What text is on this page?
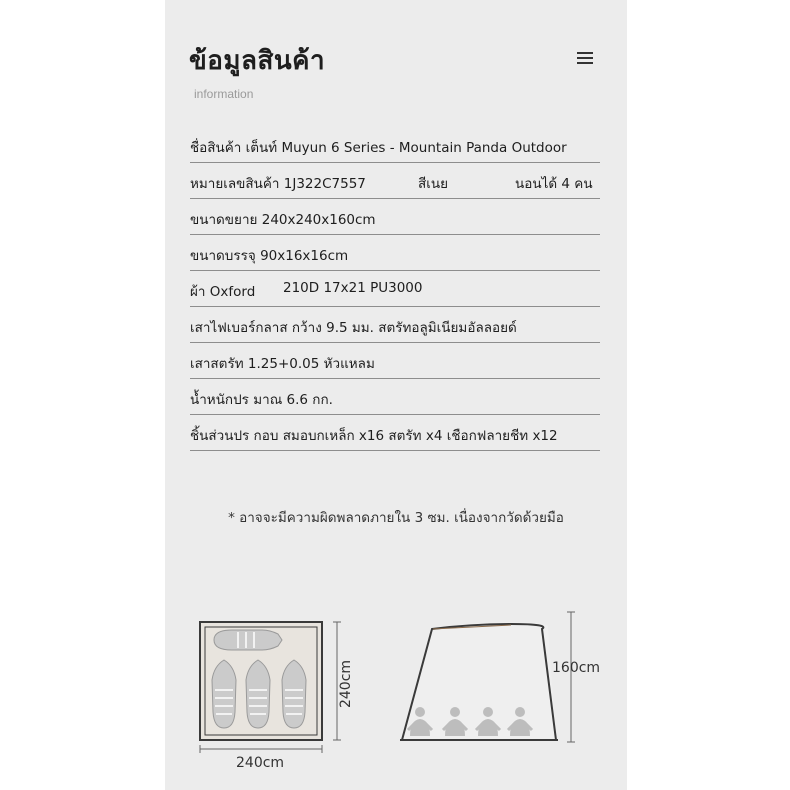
ข้อมูลสินค้า
information
ชื่อสินค้า เต็นท์ Muyun 6 Series - Mountain Panda Outdoor
หมายเลขสินค้า 1J322C7557	สีเนย	นอนได้ 4 คน
ขนาดขยาย 240x240x160cm
ขนาดบรรจุ 90x16x16cm
ผ้า Oxford 210D 17x21 PU3000
เสาไฟเบอร์กลาส กว้าง 9.5 มม. สตรัทอลูมิเนียมอัลลอยด์
เสาสตรัท 1.25+0.05 หัวแหลม
น้ำหนักปร มาณ 6.6 กก.
ชิ้นส่วนปร กอบ สมอบกเหล็ก x16 สตรัท x4 เชือกฟลายชีท x12
* อาจจะมีความผิดพลาดภายใน 3 ซม. เนื่องจากวัดด้วยมือ
240cm
240cm	160cm
